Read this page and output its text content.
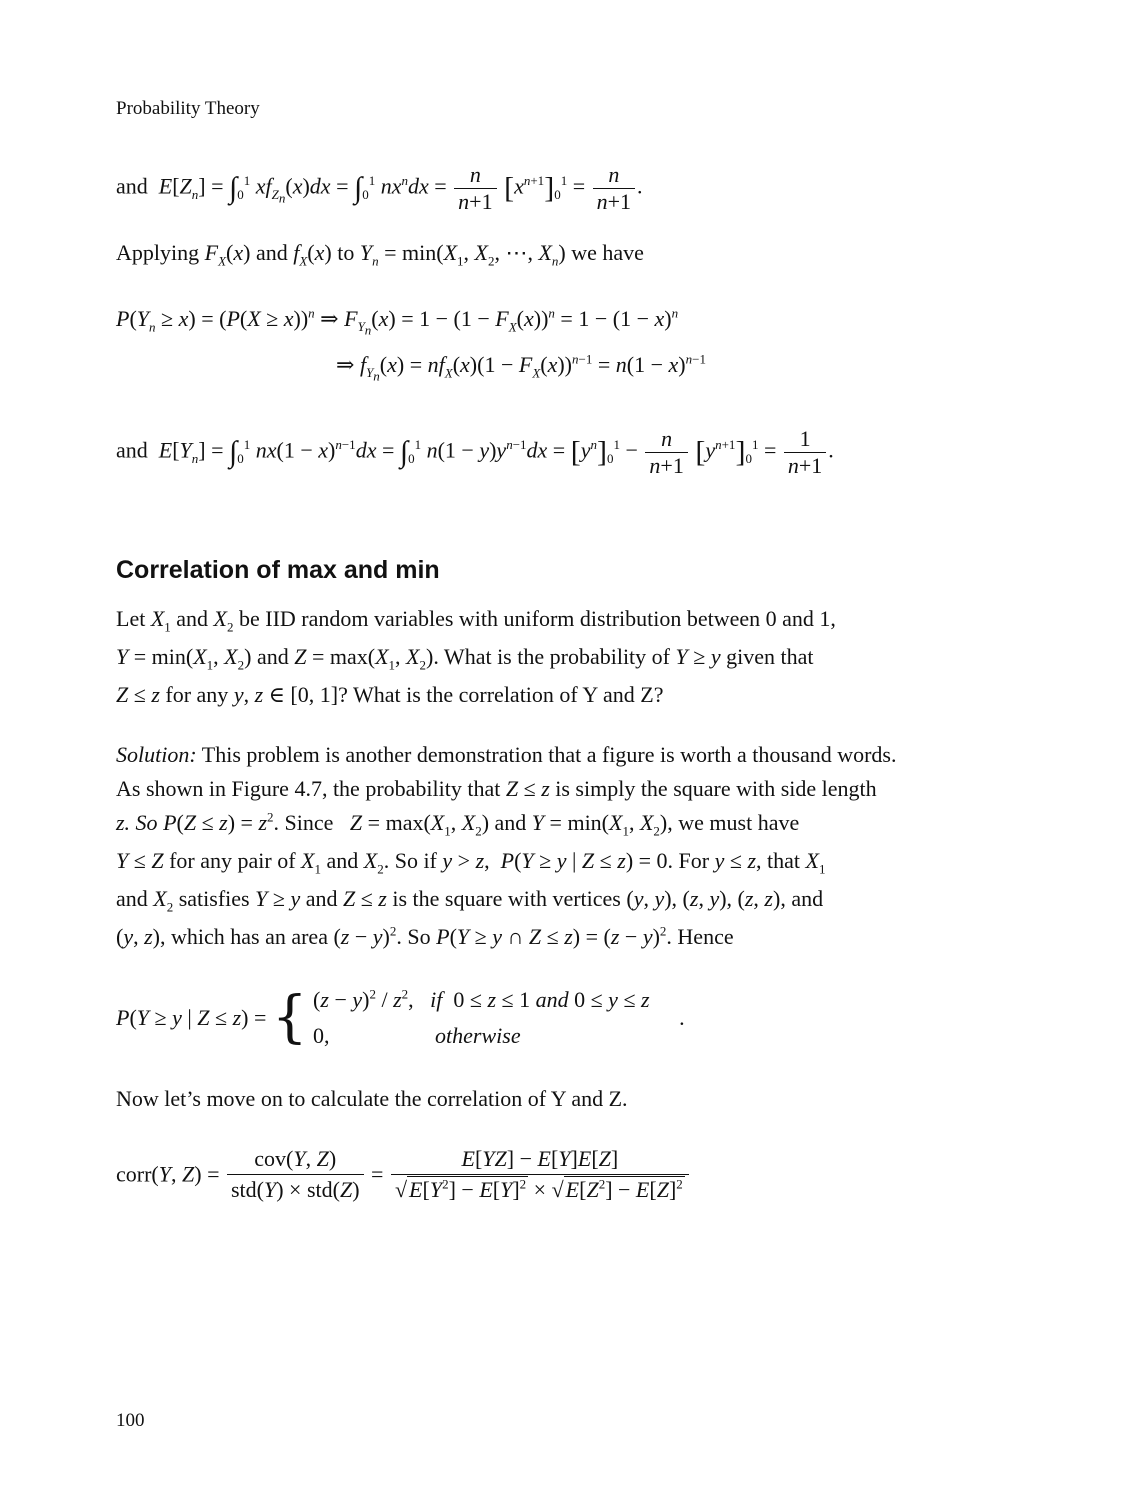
Probability Theory
and $E[Z_n] = \int_0^1$ $xf_{Z_n}(x)dx = \int_0^1$ $nx^ndx = \frac{n}{n+1} [x^{n+1}]_0^1 = \frac{n}{n+1}$ .
Applying $F_X(x)$ and $f_X(x)$ to $Y_n = \min(X_1$, $X_2$, ⋯, $X_n$) we have
$P(Y_n \ge x) = (P(X \ge x))^n$ ⇒ $F_{Y_n}(x) = 1 - (1 - F_X(x))^n = 1 - (1 - x)^n$
⇒ $f_{Y_n}(x) = nf_X(x)(1 - F_X(x))^{n-1} = n(1 - x)^{n-1}$
and $E[Y_n] = \int_0^1$ $nx(1 - x)^{n-1}dx = \int_0^1$ $n(1 - y)y^{n-1}dx = [y^n]_0^1 - \frac{n}{n+1} [y^{n+1}]_0^1 = \frac{1}{n+1}$ .
Correlation of max and min
Let $X_1$ and $X_2$ be IID random variables with uniform distribution between 0 and 1,
$Y = \min(X_1$, $X_2$) and $Z = \max(X_1$, $X_2$). What is the probability of Y ≥ y given that
Z ≤ z for any y, z ∈ [0, 1]? What is the correlation of Y and Z?
Solution: This problem is another demonstration that a figure is worth a thousand words.
As shown in Figure 4.7, the probability that Z ≤ z is simply the square with side length
z. So $P(Z \le z) = z^2$. Since $Z = \max(X_1$, $X_2$) and $Y = \min(X_1$, $X_2$), we must have
Y ≤ Z for any pair of $X_1$ and $X_2$. So if y > z,  P(Y ≥ y | Z ≤ z) = 0. For y ≤ z, that $X_1$
and $X_2$ satisfies Y ≥ y and Z ≤ z is the square with vertices (y, y), (z, y), (z, z), and
(y, z), which has an area $(z - y)^2$. So P(Y ≥ y ∩ $Z \le z) = (z - y)^2$. Hence
P(Y ≥ y | Z ≤ z) = { $(z - y)^2 / z^2$,   if  0 ≤ z ≤ 1 and 0 ≤ y ≤ z
0,	otherwise
.
Now let’s move on to calculate the correlation of Y and Z.
corr(Y, $Z) = \frac{\text{cov(Y, Z)}}{\text{std(Y) × std(Z)}} = \frac{E[YZ] - E[Y]E[Z]}{√E[Y^2] - E[Y]^2 \times √E[Z^2] - E[Z]^2}$
100
